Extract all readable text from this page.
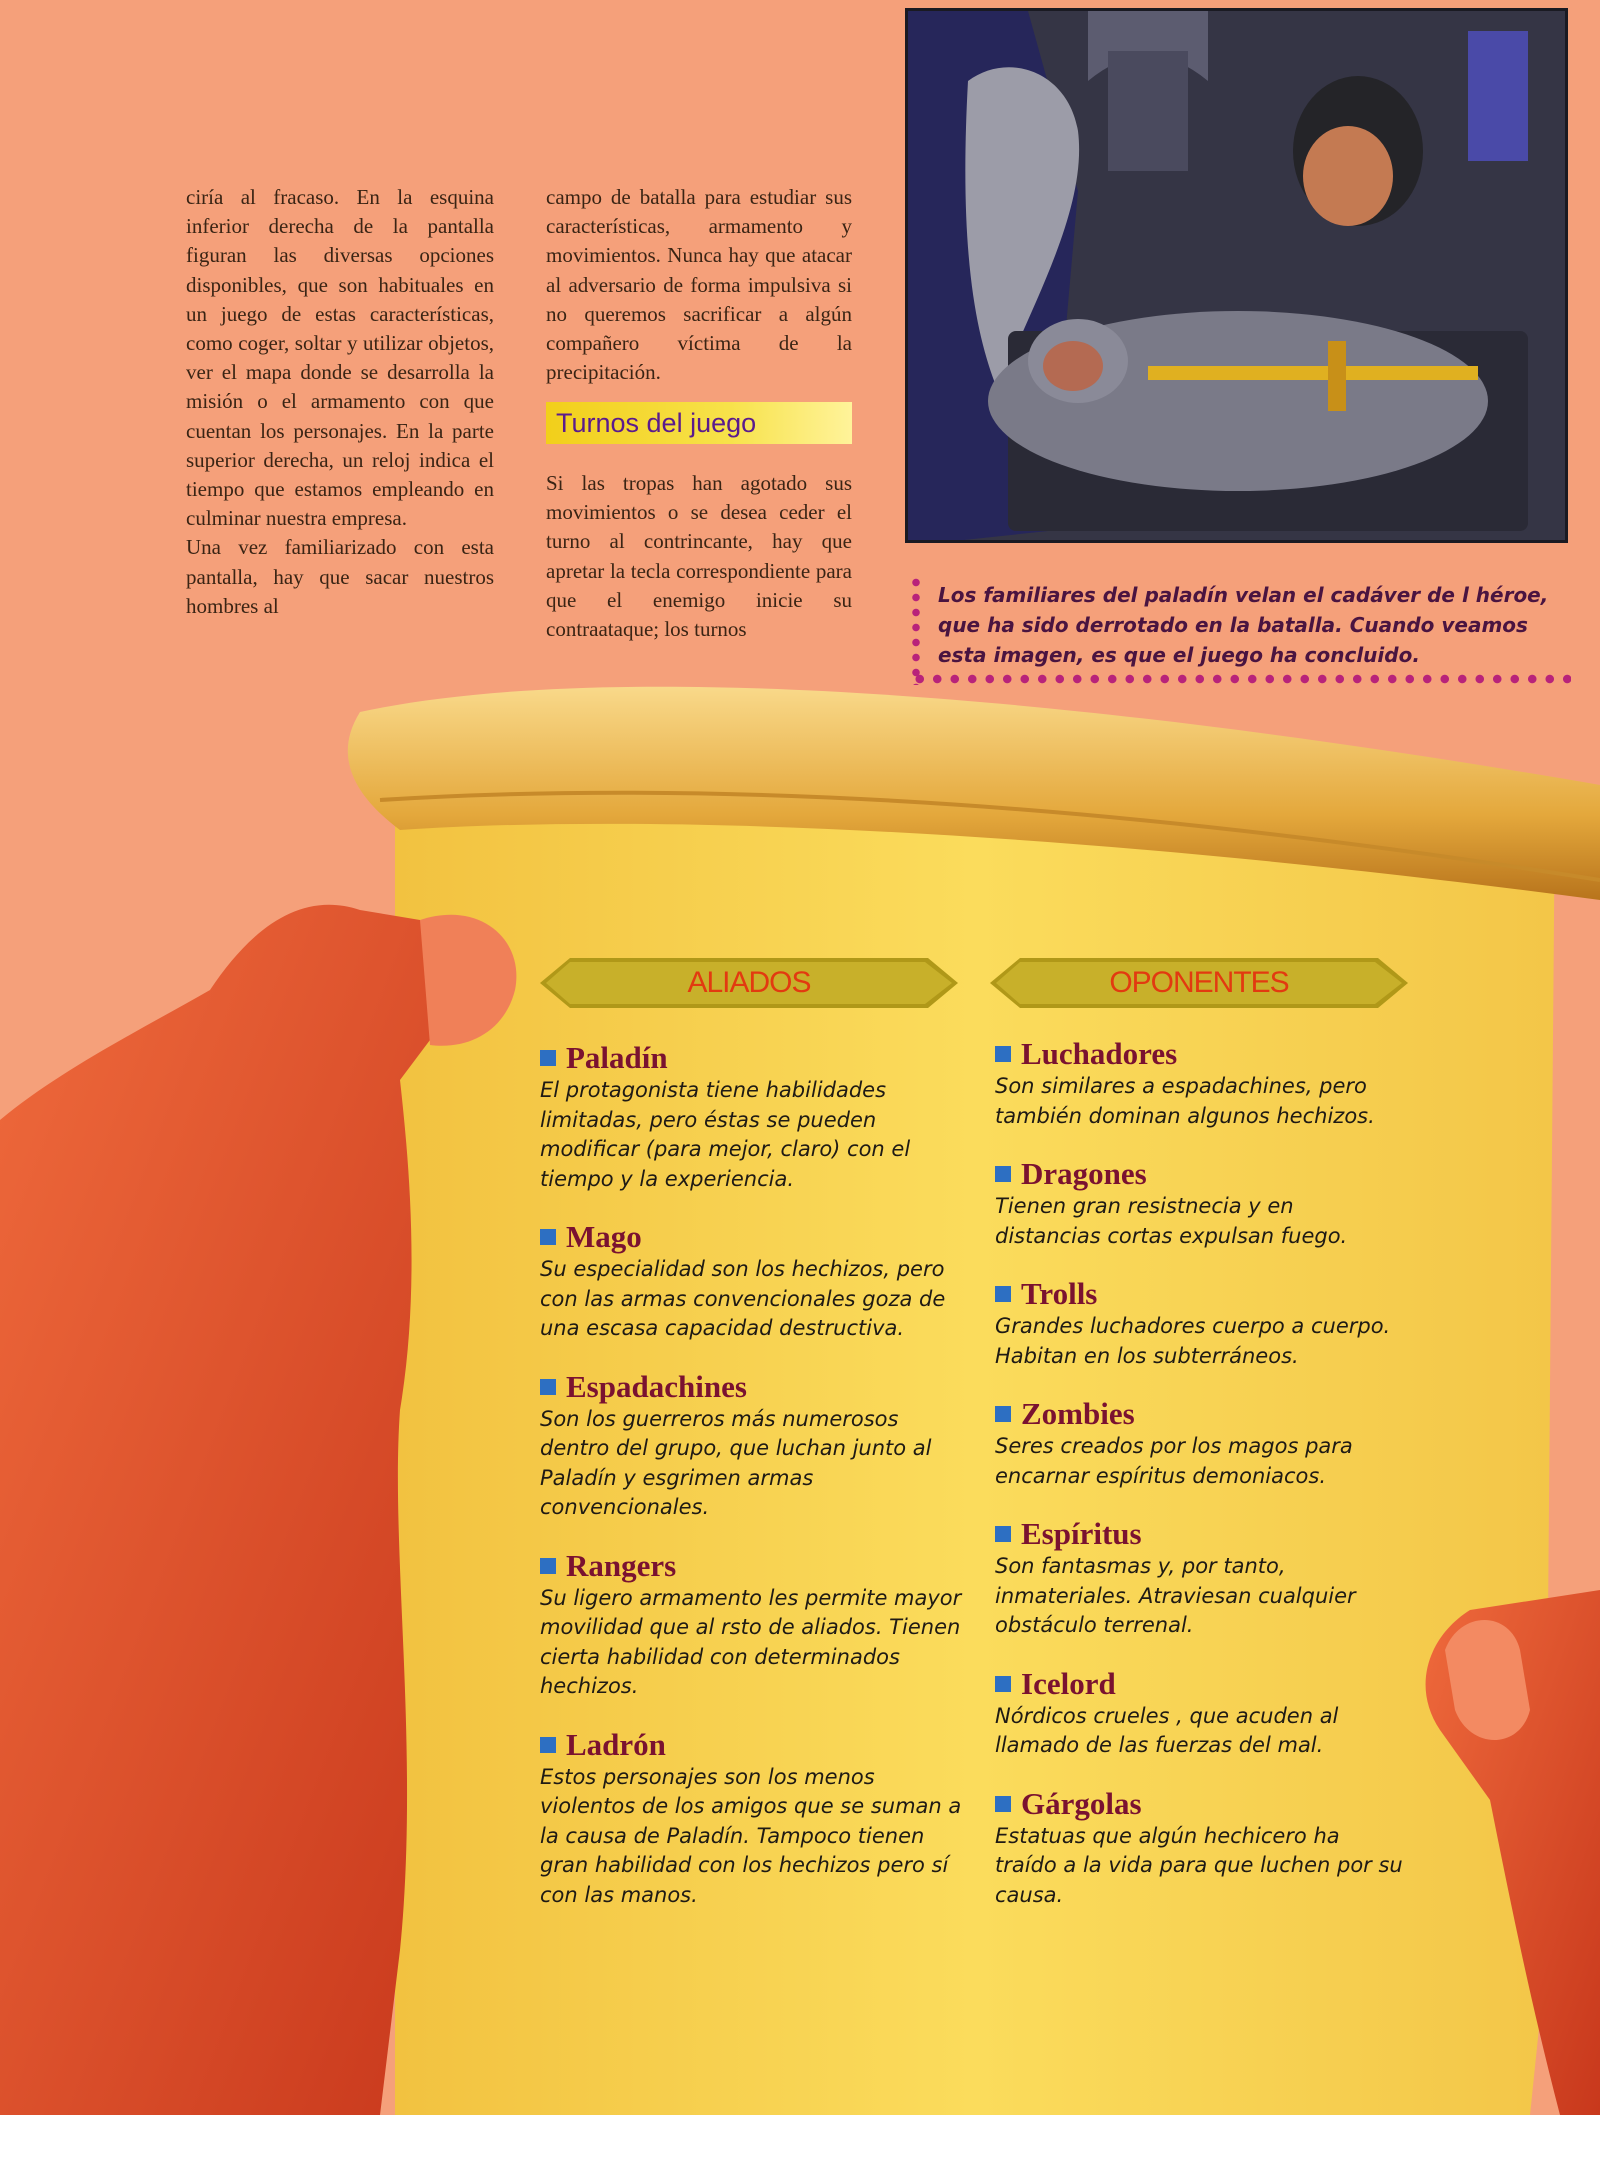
ciría al fracaso. En la esquina inferior derecha de la pantalla figuran las diversas opciones disponibles, que son habituales en un juego de estas características, como coger, soltar y utilizar objetos, ver el mapa donde se desarrolla la misión o el armamento con que cuentan los personajes. En la parte superior derecha, un reloj indica el tiempo que estamos empleando en culminar nuestra empresa.

Una vez familiarizado con esta pantalla, hay que sacar nuestros hombres al

campo de batalla para estudiar sus características, armamento y movimientos. Nunca hay que atacar al adversario de forma impulsiva si no queremos sacrificar a algún compañero víctima de la precipitación.

Turnos del juego

Si las tropas han agotado sus movimientos o se desea ceder el turno al contrincante, hay que apretar la tecla correspondiente para que el enemigo inicie su contraataque; los turnos

Los familiares del paladín velan el cadáver de l héroe, que ha sido derrotado en la batalla. Cuando veamos esta imagen, es que el juego ha concluido.
ALIADOS	OPONENTES
Paladín
El protagonista tiene habilidades limitadas, pero éstas se pueden modificar (para mejor, claro) con el tiempo y la experiencia.
Mago
Su especialidad son los hechizos, pero con las armas convencionales goza de una escasa capacidad destructiva.
Espadachines
Son los guerreros más numerosos dentro del grupo, que luchan junto al Paladín y esgrimen armas convencionales.
Rangers
Su ligero armamento les permite mayor movilidad que al rsto de aliados. Tienen cierta habilidad con determinados hechizos.
Ladrón
Estos personajes son los menos violentos de los amigos que se suman a la causa de Paladín. Tampoco tienen gran habilidad con los hechizos pero sí con las manos.
Luchadores
Son similares a espadachines, pero también dominan algunos hechizos.
Dragones
Tienen gran resistnecia y en distancias cortas expulsan fuego.
Trolls
Grandes luchadores cuerpo a cuerpo. Habitan en los subterráneos.
Zombies
Seres creados por los magos para encarnar espíritus demoniacos.
Espíritus
Son fantasmas y, por tanto, inmateriales. Atraviesan cualquier obstáculo terrenal.
Icelord
Nórdicos crueles , que acuden al llamado de las fuerzas del mal.
Gárgolas
Estatuas que algún hechicero ha traído a la vida para que luchen por su causa.
